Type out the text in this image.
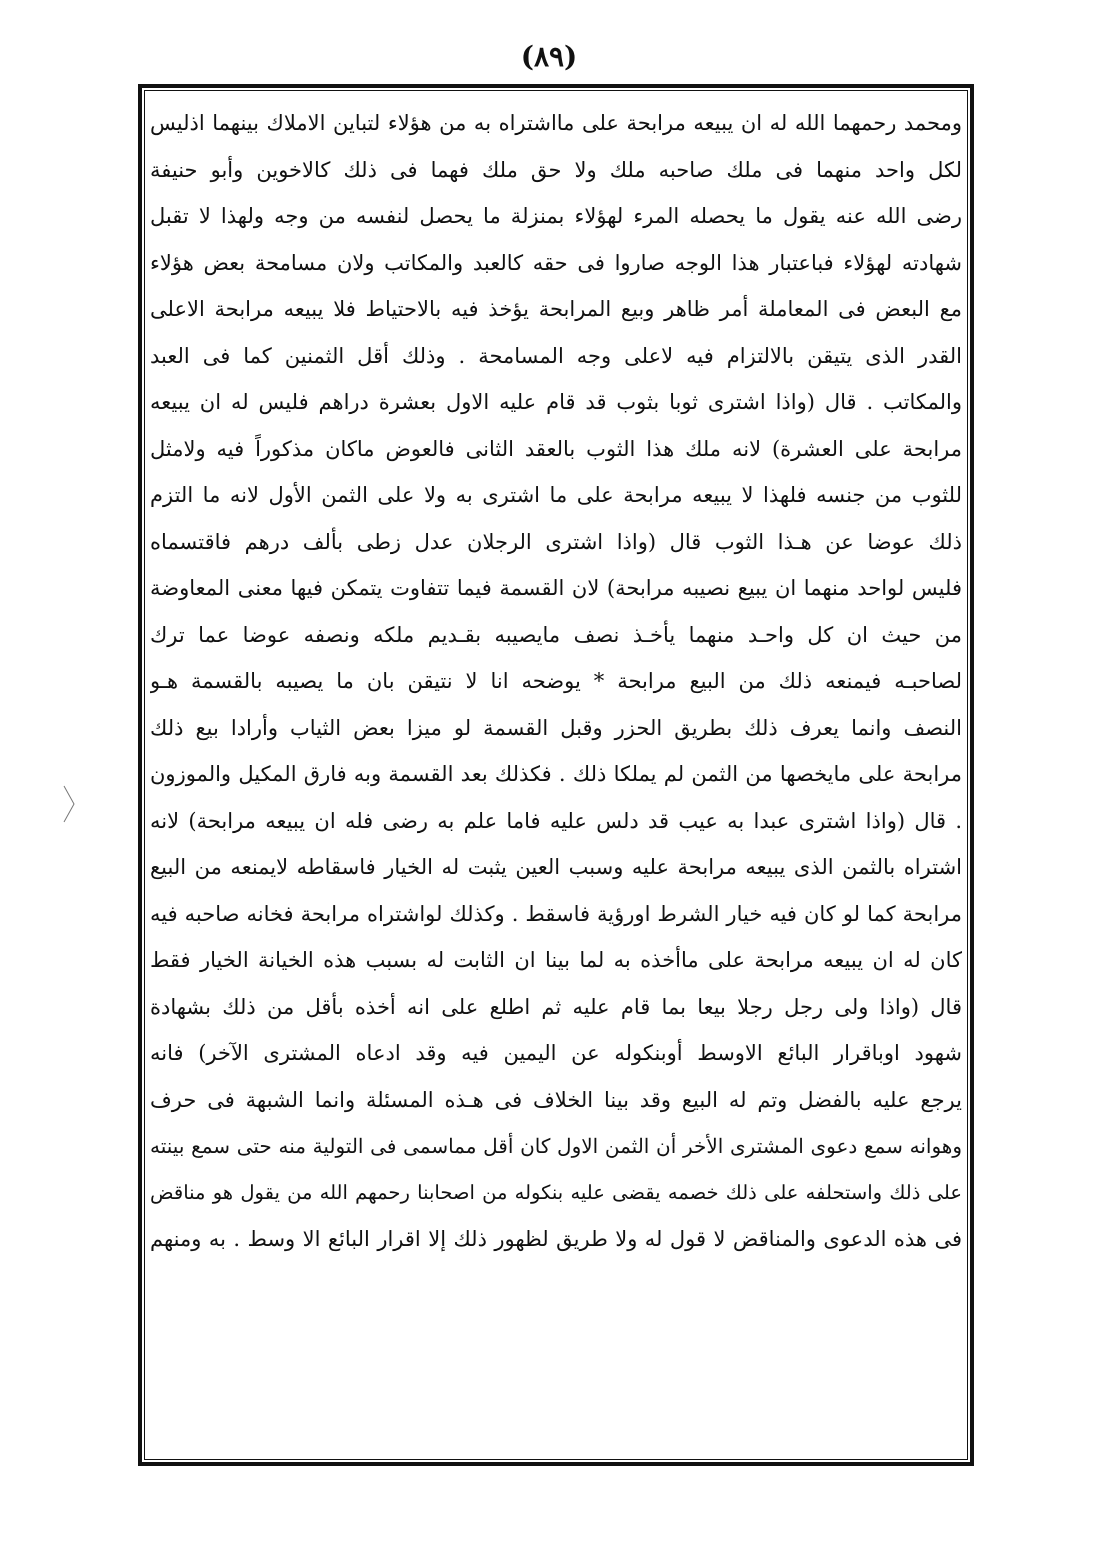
(٨٩)
ومحمد رحمهما الله له ان يبيعه مرابحة على مااشتراه به من هؤلاء لتباين الاملاك بينهما اذليس
لكل واحد منهما فى ملك صاحبه ملك ولا حق ملك فهما فى ذلك كالاخوين وأبو حنيفة
رضى الله عنه يقول ما يحصله المرء لهؤلاء بمنزلة ما يحصل لنفسه من وجه ولهذا لا تقبل
شهادته لهؤلاء فباعتبار هذا الوجه صاروا فى حقه كالعبد والمكاتب ولان مسامحة بعض هؤلاء
مع البعض فى المعاملة أمر ظاهر وبيع المرابحة يؤخذ فيه بالاحتياط فلا يبيعه مرابحة الاعلى
القدر الذى يتيقن بالالتزام فيه لاعلى وجه المسامحة . وذلك أقل الثمنين كما فى العبد
والمكاتب . قال (واذا اشترى ثوبا بثوب قد قام عليه الاول بعشرة دراهم فليس له ان يبيعه
مرابحة على العشرة) لانه ملك هذا الثوب بالعقد الثانى فالعوض ماكان مذكوراً فيه ولامثل
للثوب من جنسه فلهذا لا يبيعه مرابحة على ما اشترى به ولا على الثمن الأول لانه ما التزم
ذلك عوضا عن هـذا الثوب قال (واذا اشترى الرجلان عدل زطى بألف درهم فاقتسماه
فليس لواحد منهما ان يبيع نصيبه مرابحة) لان القسمة فيما تتفاوت يتمكن فيها معنى المعاوضة
من حيث ان كل واحـد منهما يأخـذ نصف مايصيبه بقـديم ملكه ونصفه عوضا عما ترك
لصاحبـه فيمنعه ذلك من البيع مرابحة * يوضحه انا لا نتيقن بان ما يصيبه بالقسمة هـو
النصف وانما يعرف ذلك بطريق الحزر وقبل القسمة لو ميزا بعض الثياب وأرادا بيع ذلك
مرابحة على مايخصها من الثمن لم يملكا ذلك . فكذلك بعد القسمة وبه فارق المكيل والموزون
. قال (واذا اشترى عبدا به عيب قد دلس عليه فاما علم به رضى فله ان يبيعه مرابحة) لانه
اشتراه بالثمن الذى يبيعه مرابحة عليه وسبب العين يثبت له الخيار فاسقاطه لايمنعه من البيع
مرابحة كما لو كان فيه خيار الشرط اورؤية فاسقط . وكذلك لواشتراه مرابحة فخانه صاحبه فيه
كان له ان يبيعه مرابحة على ماأخذه به لما بينا ان الثابت له بسبب هذه الخيانة الخيار فقط
قال (واذا ولى رجل رجلا بيعا بما قام عليه ثم اطلع على انه أخذه بأقل من ذلك بشهادة
شهود اوباقرار البائع الاوسط أوبنكوله عن اليمين فيه وقد ادعاه المشترى الآخر) فانه
يرجع عليه بالفضل وتم له البيع وقد بينا الخلاف فى هـذه المسئلة وانما الشبهة فى حرف
وهوانه سمع دعوى المشترى الأخر أن الثمن الاول كان أقل مماسمى فى التولية منه حتى سمع بينته
على ذلك واستحلفه على ذلك خصمه يقضى عليه بنكوله من اصحابنا رحمهم الله من يقول هو مناقض
فى هذه الدعوى والمناقض لا قول له ولا طريق لظهور ذلك إلا اقرار البائع الا وسط . به ومنهم
